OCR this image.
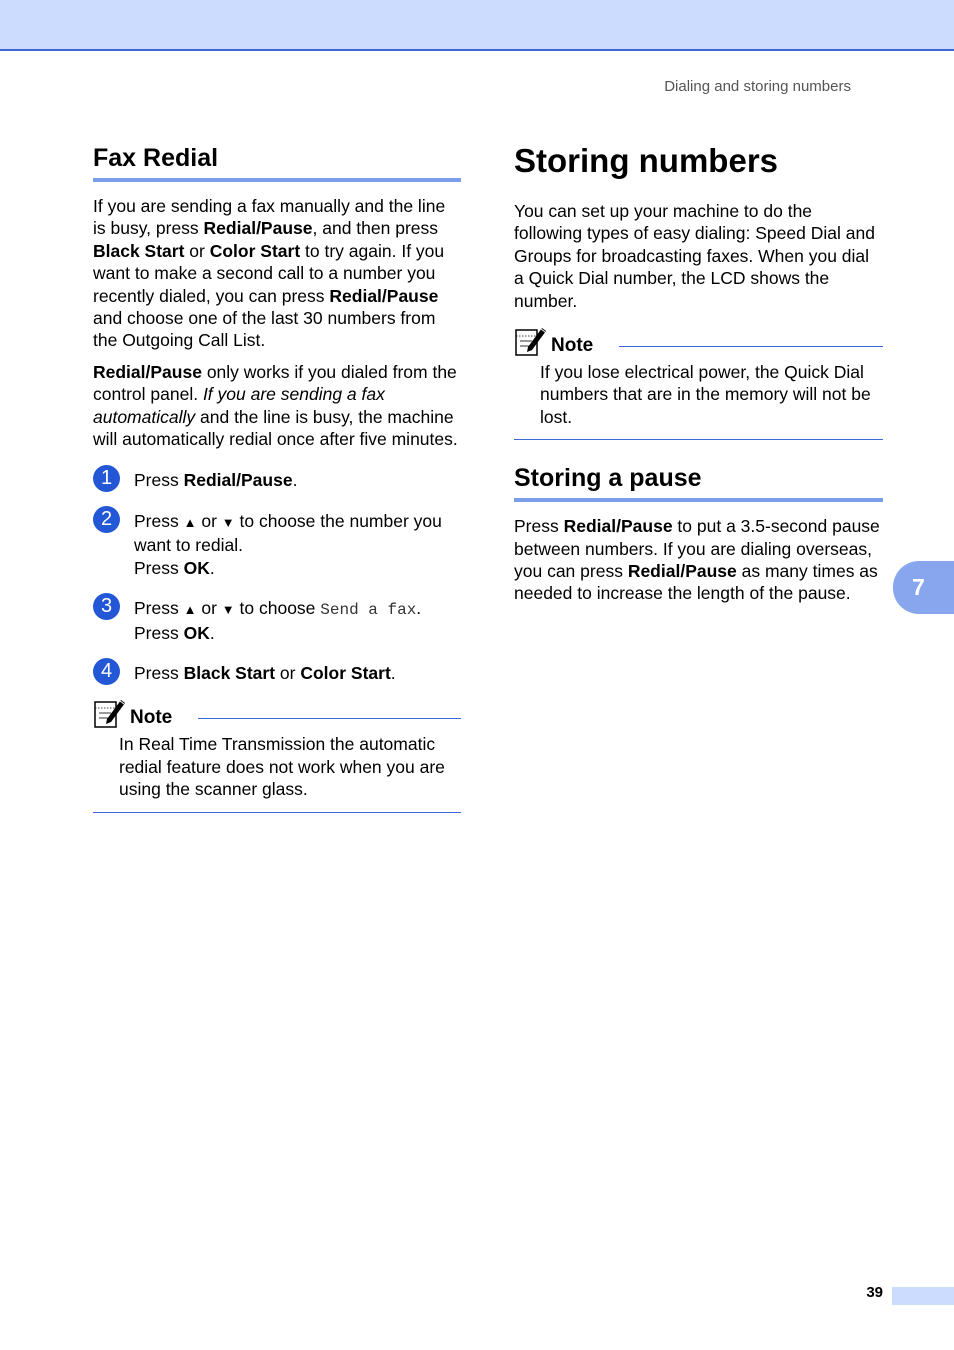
Dialing and storing numbers
Fax Redial

If you are sending a fax manually and the line is busy, press Redial/Pause, and then press Black Start or Color Start to try again. If you want to make a second call to a number you recently dialed, you can press Redial/Pause and choose one of the last 30 numbers from the Outgoing Call List.

Redial/Pause only works if you dialed from the control panel. If you are sending a fax automatically and the line is busy, the machine will automatically redial once after five minutes.

1	Press Redial/Pause.
2	Press ▲ or ▼ to choose the number you want to redial.
Press OK.
3	Press ▲ or ▼ to choose Send a fax.
Press OK.
4	Press Black Start or Color Start.
Note

In Real Time Transmission the automatic redial feature does not work when you are using the scanner glass.

Storing numbers

You can set up your machine to do the following types of easy dialing: Speed Dial and Groups for broadcasting faxes. When you dial a Quick Dial number, the LCD shows the number.

Note

If you lose electrical power, the Quick Dial numbers that are in the memory will not be lost.

Storing a pause

Press Redial/Pause to put a 3.5-second pause between numbers. If you are dialing overseas, you can press Redial/Pause as many times as needed to increase the length of the pause.	7
39
